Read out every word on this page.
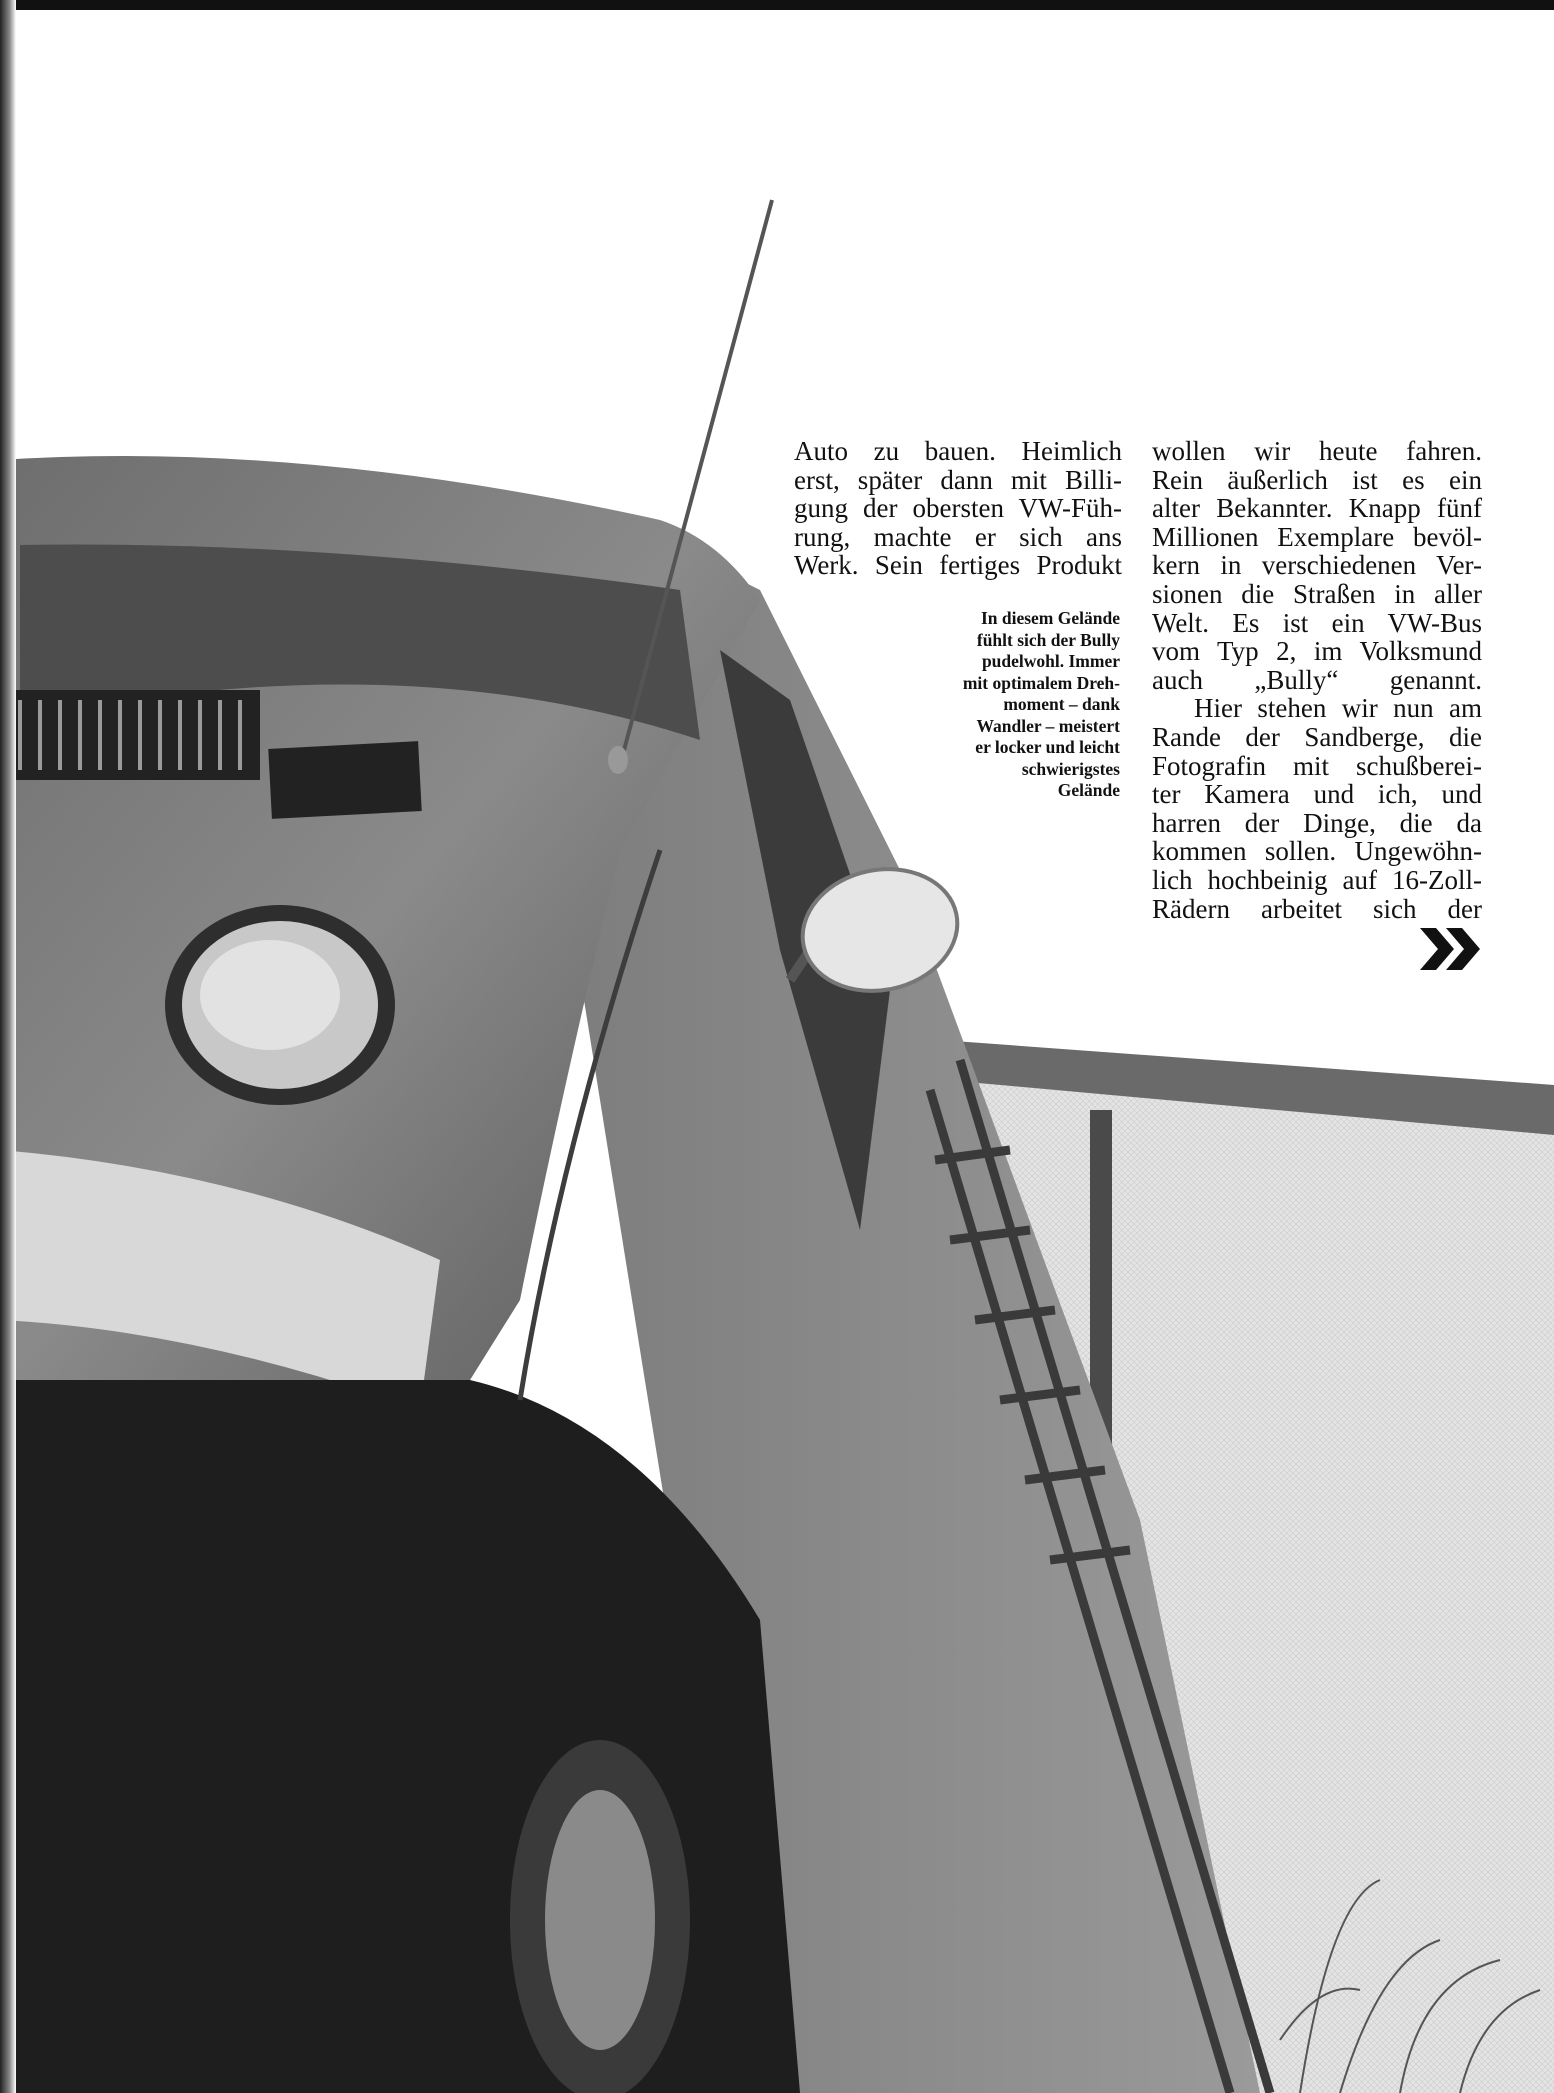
Auto zu bauen. Heimlich
erst, später dann mit Billi-
gung der obersten VW-Füh-
rung, machte er sich ans
Werk. Sein fertiges Produkt

In diesem Gelände
fühlt sich der Bully
pudelwohl. Immer
mit optimalem Dreh-
moment – dank
Wandler – meistert
er locker und leicht
schwierigstes
Gelände

wollen wir heute fahren.
Rein äußerlich ist es ein
alter Bekannter. Knapp fünf
Millionen Exemplare bevöl-
kern in verschiedenen Ver-
sionen die Straßen in aller
Welt. Es ist ein VW-Bus
vom Typ 2, im Volksmund
auch „Bully“ genannt.

Hier stehen wir nun am
Rande der Sandberge, die
Fotografin mit schußberei-
ter Kamera und ich, und
harren der Dinge, die da
kommen sollen. Ungewöhn-
lich hochbeinig auf 16-Zoll-
Rädern arbeitet sich der
